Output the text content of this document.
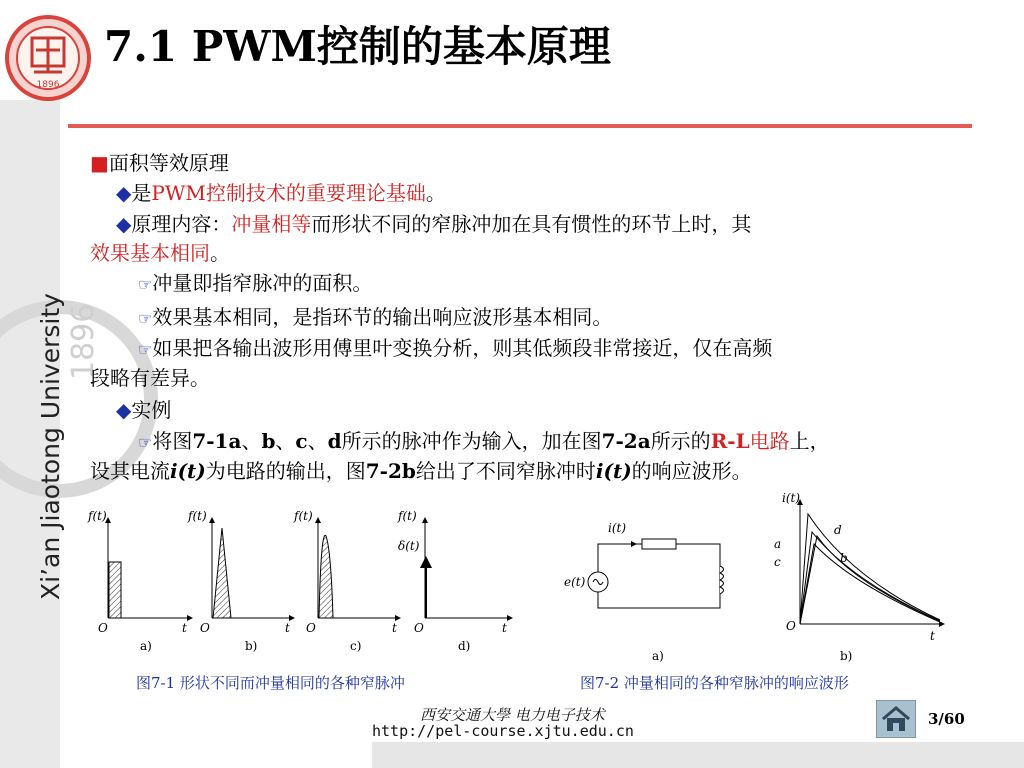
1896
Xi’an Jiaotong University
1896
7.1 PWM控制的基本原理
■面积等效原理
◆是PWM控制技术的重要理论基础。
◆原理内容：冲量相等而形状不同的窄脉冲加在具有惯性的环节上时，其
效果基本相同。
☞冲量即指窄脉冲的面积。
☞效果基本相同，是指环节的输出响应波形基本相同。
☞如果把各输出波形用傅里叶变换分析，则其低频段非常接近，仅在高频
段略有差异。
◆实例
☞将图7-1a、b、c、d所示的脉冲作为输入，加在图7-2a所示的R-L电路上，
设其电流i(t)为电路的输出，图7-2b给出了不同窄脉冲时i(t)的响应波形。
f(t)
O	t
a)
f(t)
O	t
b)
f(t)
O	t
c)
f(t)
δ(t)
O	t
d)
i(t)
e(t)
a)
i(t)
d
a
c	b
O
t
b)
图7-1 形状不同而冲量相同的各种窄脉冲	图7-2 冲量相同的各种窄脉冲的响应波形
西安交通大學 电力电子技术
http://pel-course.xjtu.edu.cn
3/60
